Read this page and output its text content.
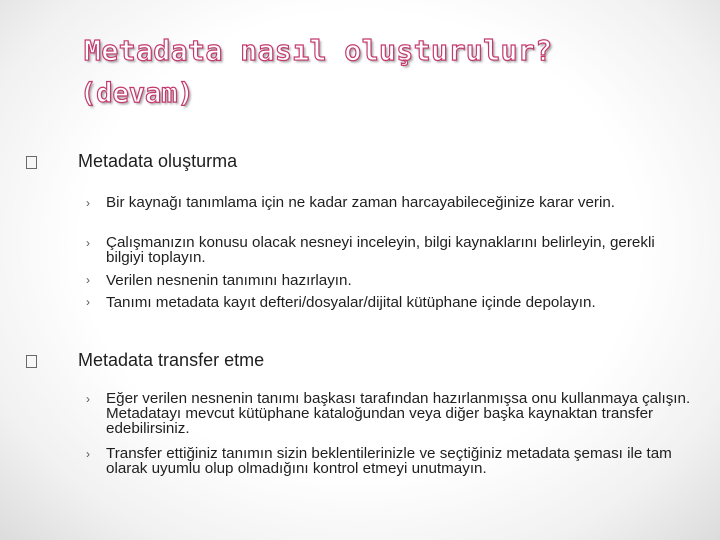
Metadata nasıl oluşturulur?
(devam)
Metadata oluşturma
› Bir kaynağı tanımlama için ne kadar zaman harcayabileceğinize karar verin.
› Çalışmanızın konusu olacak nesneyi inceleyin, bilgi kaynaklarını belirleyin, gerekli bilgiyi toplayın.
› Verilen nesnenin tanımını hazırlayın.
› Tanımı metadata kayıt defteri/dosyalar/dijital kütüphane içinde depolayın.
Metadata transfer etme
› Eğer verilen nesnenin tanımı başkası tarafından hazırlanmışsa onu kullanmaya çalışın. Metadatayı mevcut kütüphane kataloğundan veya diğer başka kaynaktan transfer edebilirsiniz.
› Transfer ettiğiniz tanımın sizin beklentilerinizle ve seçtiğiniz metadata şeması ile tam olarak uyumlu olup olmadığını kontrol etmeyi unutmayın.
